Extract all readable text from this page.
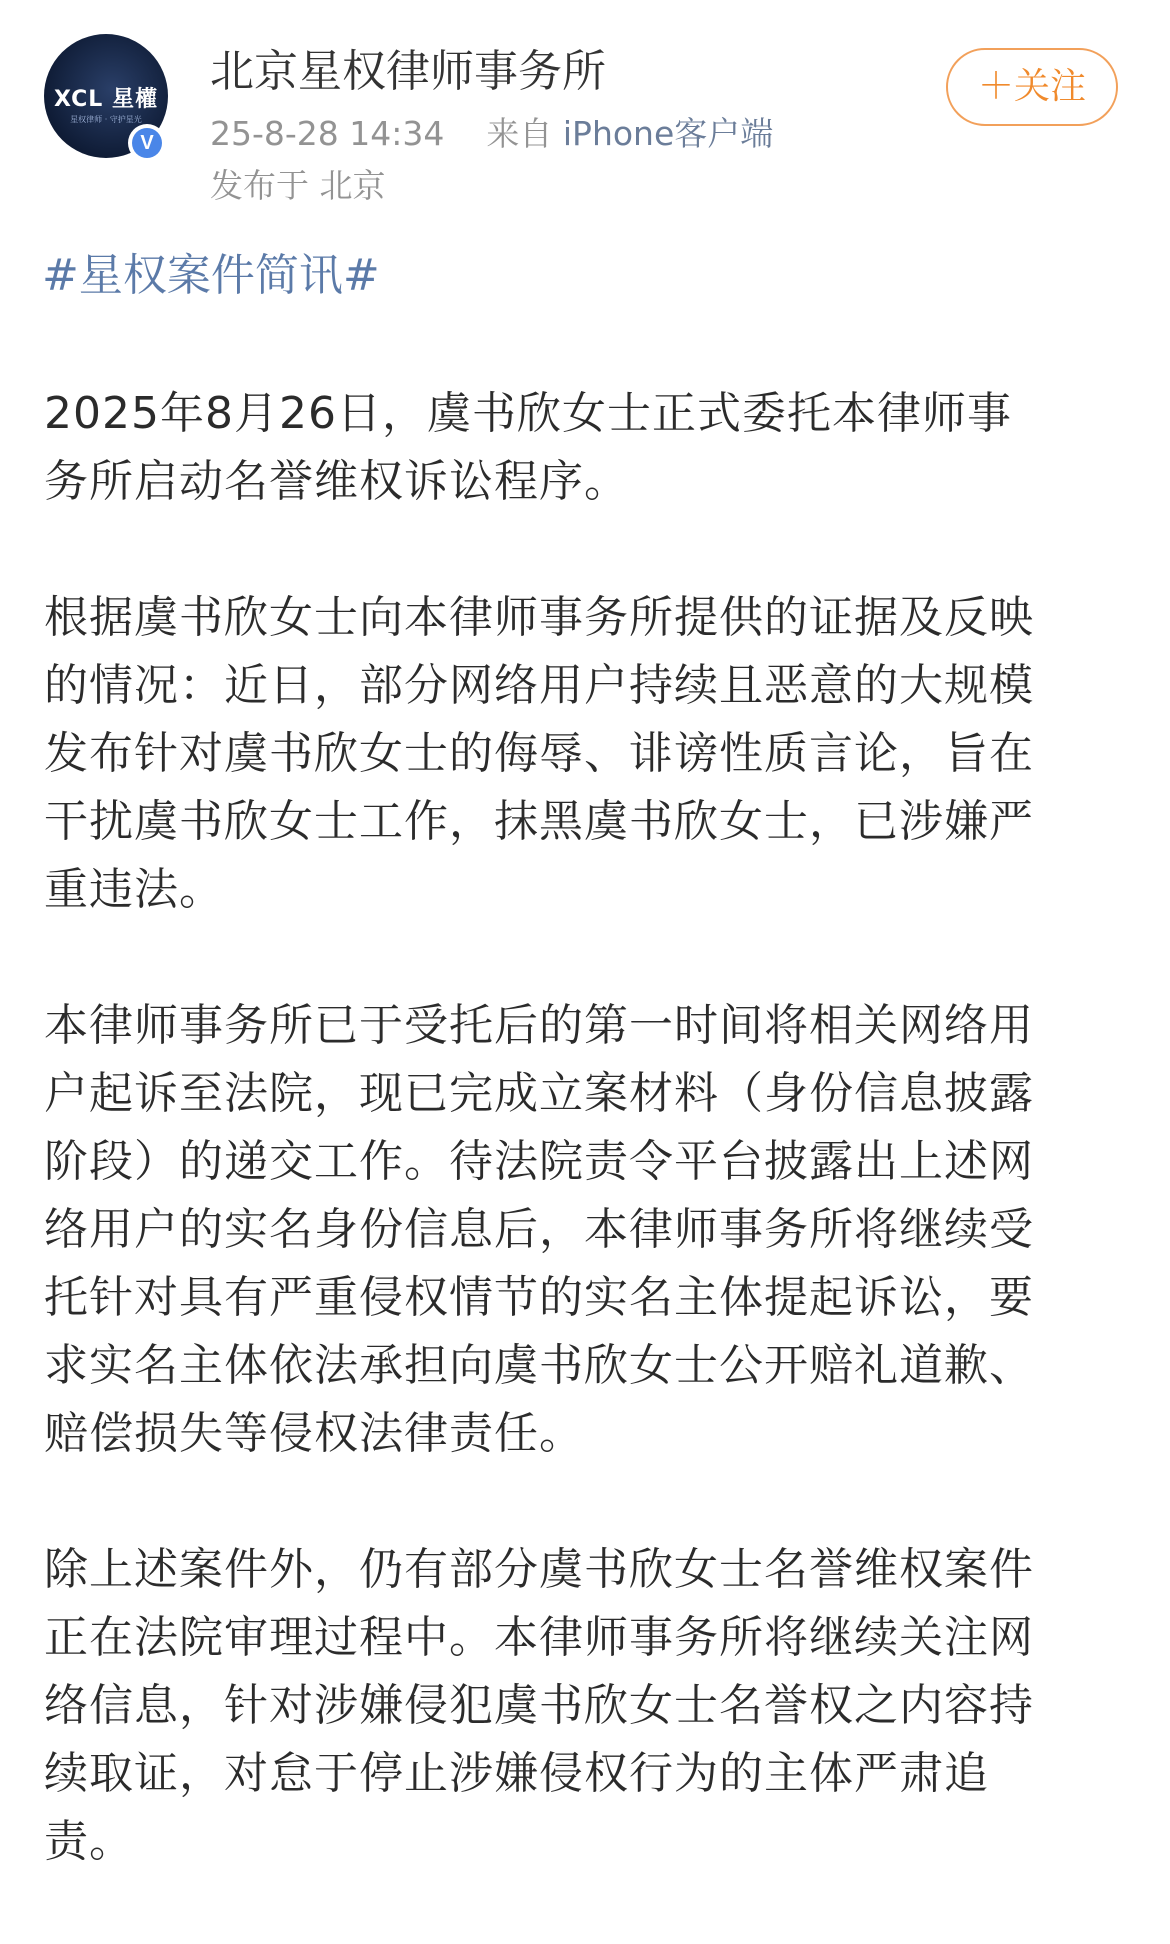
XCL 星權
星权律师 · 守护星光
V
北京星权律师事务所
25-8-28 14:34 来自 iPhone客户端
发布于 北京
＋关注
#星权案件简讯#

2025年8月26日，虞书欣女士正式委托本律师事
务所启动名誉维权诉讼程序。

根据虞书欣女士向本律师事务所提供的证据及反映
的情况：近日，部分网络用户持续且恶意的大规模
发布针对虞书欣女士的侮辱、诽谤性质言论，旨在
干扰虞书欣女士工作，抹黑虞书欣女士，已涉嫌严
重违法。

本律师事务所已于受托后的第一时间将相关网络用
户起诉至法院，现已完成立案材料（身份信息披露
阶段）的递交工作。待法院责令平台披露出上述网
络用户的实名身份信息后，本律师事务所将继续受
托针对具有严重侵权情节的实名主体提起诉讼，要
求实名主体依法承担向虞书欣女士公开赔礼道歉、
赔偿损失等侵权法律责任。

除上述案件外，仍有部分虞书欣女士名誉维权案件
正在法院审理过程中。本律师事务所将继续关注网
络信息，针对涉嫌侵犯虞书欣女士名誉权之内容持
续取证，对怠于停止涉嫌侵权行为的主体严肃追
责。
